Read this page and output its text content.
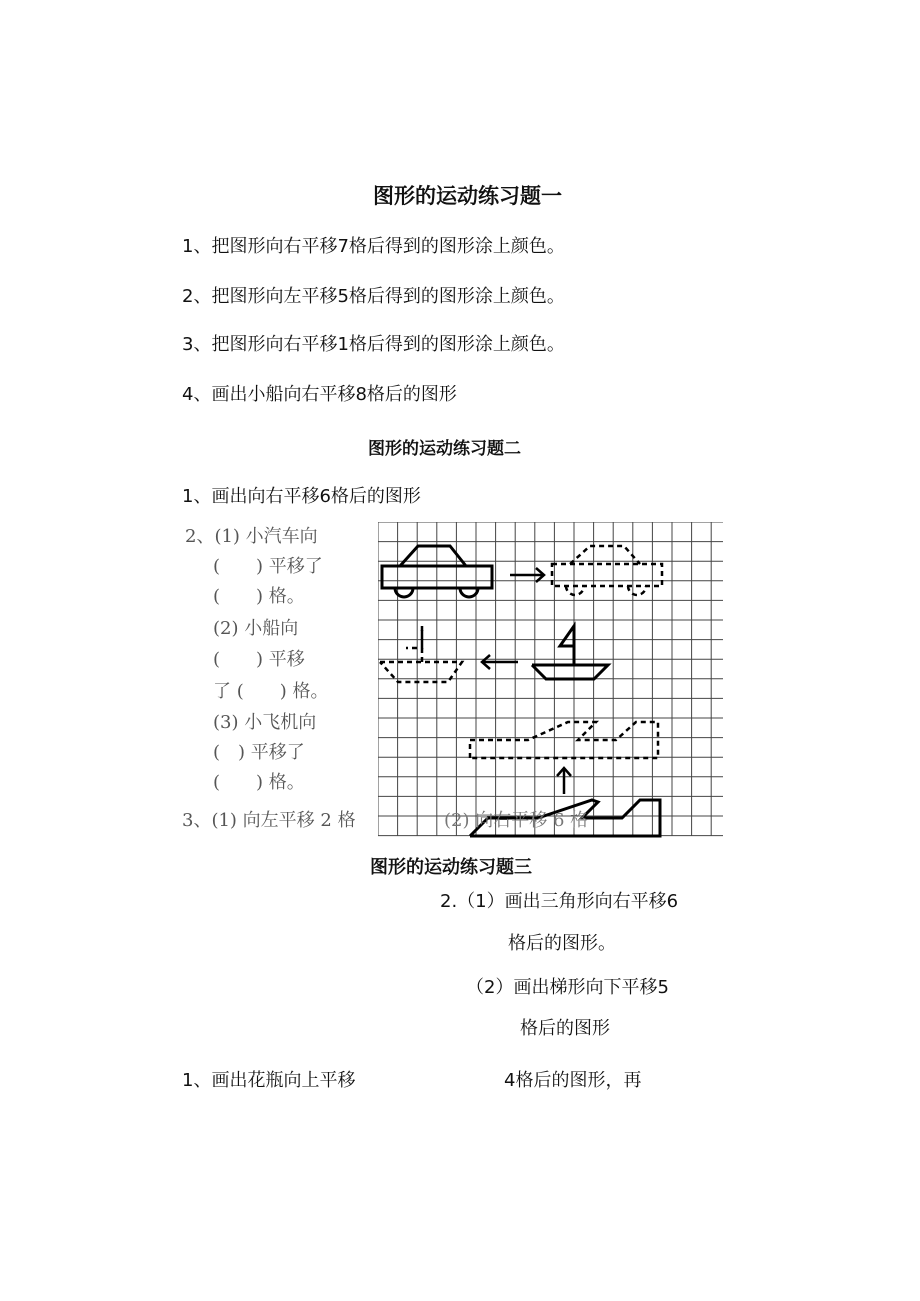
图形的运动练习题一
1、把图形向右平移7格后得到的图形涂上颜色。
2、把图形向左平移5格后得到的图形涂上颜色。
3、把图形向右平移1格后得到的图形涂上颜色。
4、画出小船向右平移8格后的图形
图形的运动练习题二
1、画出向右平移6格后的图形
2、(1) 小汽车向
(　　) 平移了
(　　) 格。
(2) 小船向
(　　) 平移
了 (　　) 格。
(3) 小飞机向
(　) 平移了
(　　) 格。
3、(1) 向左平移 2 格	(2) 向右平移 6 格
图形的运动练习题三
2.（1）画出三角形向右平移6
格后的图形。
（2）画出梯形向下平移5
格后的图形
1、画出花瓶向上平移	4格后的图形，再
